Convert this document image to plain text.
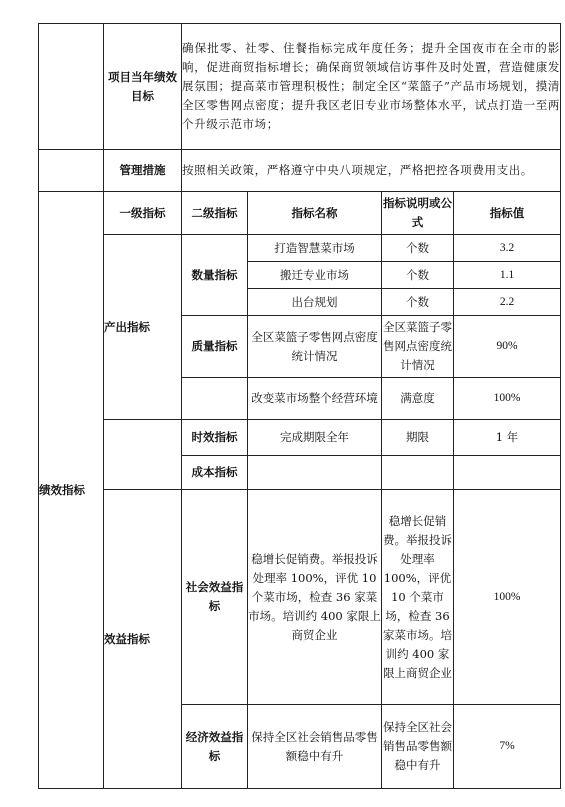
	项目当年绩效目标	确保批零、社零、住餐指标完成年度任务；提升全国夜市在全市的影响，促进商贸指标增长；确保商贸领域信访事件及时处置，营造健康发展氛围；提高菜市管理积极性；制定全区“菜篮子”产品市场规划，摸清全区零售网点密度；提升我区老旧专业市场整体水平，试点打造一至两个升级示范市场；			
	管理措施	按照相关政策，严格遵守中央八项规定，严格把控各项费用支出。			
绩效指标	一级指标	二级指标	指标名称	指标说明或公式	指标值
	产出指标	数量指标	打造智慧菜市场	个数	3.2
			搬迁专业市场	个数	1.1
			出台规划	个数	2.2
		质量指标	全区菜篮子零售网点密度统计情况	全区菜篮子零售网点密度统计情况	90%
			改变菜市场整个经营环境	满意度	100%
		时效指标	完成期限全年	期限	1 年
		成本指标			
	效益指标	社会效益指标	稳增长促销费。举报投诉处理率 100%，评优 10 个菜市场，检查 36 家菜市场。培训约 400 家限上商贸企业	稳增长促销费。举报投诉处理率 100%，评优 10 个菜市场，检查 36 家菜市场。培训约 400 家限上商贸企业	100%
		经济效益指标	保持全区社会销售品零售额稳中有升	保持全区社会销售品零售额稳中有升	7%
